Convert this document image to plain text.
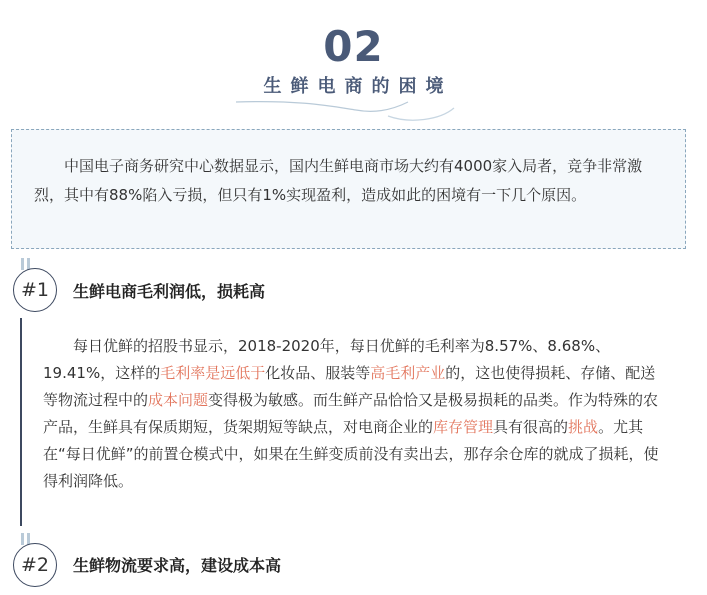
02
生鲜电商的困境

中国电子商务研究中心数据显示，国内生鲜电商市场大约有4000家入局者，竞争非常激烈，其中有88%陷入亏损，但只有1%实现盈利，造成如此的困境有一下几个原因。

#1	生鲜电商毛利润低，损耗高

每日优鲜的招股书显示，2018-2020年，每日优鲜的毛利率为8.57%、8.68%、19.41%，这样的毛利率是远低于化妆品、服装等高毛利产业的，这也使得损耗、存储、配送等物流过程中的成本问题变得极为敏感。而生鲜产品恰恰又是极易损耗的品类。作为特殊的农产品，生鲜具有保质期短，货架期短等缺点，对电商企业的库存管理具有很高的挑战。尤其在“每日优鲜”的前置仓模式中，如果在生鲜变质前没有卖出去，那存余仓库的就成了损耗，使得利润降低。

#2	生鲜物流要求高，建设成本高
